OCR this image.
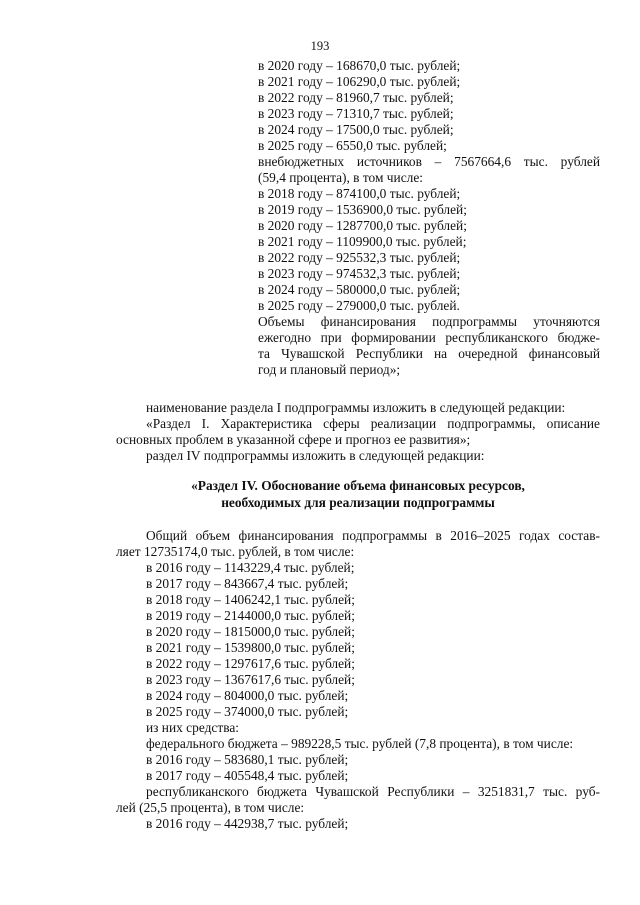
193
в 2020 году – 168670,0 тыс. рублей;
в 2021 году – 106290,0 тыс. рублей;
в 2022 году – 81960,7 тыс. рублей;
в 2023 году – 71310,7 тыс. рублей;
в 2024 году – 17500,0 тыс. рублей;
в 2025 году – 6550,0 тыс. рублей;
внебюджетных источников – 7567664,6 тыс. рублей
(59,4 процента), в том числе:
в 2018 году – 874100,0 тыс. рублей;
в 2019 году – 1536900,0 тыс. рублей;
в 2020 году – 1287700,0 тыс. рублей;
в 2021 году – 1109900,0 тыс. рублей;
в 2022 году – 925532,3 тыс. рублей;
в 2023 году – 974532,3 тыс. рублей;
в 2024 году – 580000,0 тыс. рублей;
в 2025 году – 279000,0 тыс. рублей.
Объемы финансирования подпрограммы уточняются
ежегодно при формировании республиканского бюдже-
та Чувашской Республики на очередной финансовый
год и плановый период»;
наименование раздела I подпрограммы изложить в следующей редакции:
«Раздел I. Характеристика сферы реализации подпрограммы, описание
основных проблем в указанной сфере и прогноз ее развития»;
раздел IV подпрограммы изложить в следующей редакции:
«Раздел IV. Обоснование объема финансовых ресурсов,
необходимых для реализации подпрограммы
Общий объем финансирования подпрограммы в 2016–2025 годах состав-
ляет 12735174,0 тыс. рублей, в том числе:
в 2016 году – 1143229,4 тыс. рублей;
в 2017 году – 843667,4 тыс. рублей;
в 2018 году – 1406242,1 тыс. рублей;
в 2019 году – 2144000,0 тыс. рублей;
в 2020 году – 1815000,0 тыс. рублей;
в 2021 году – 1539800,0 тыс. рублей;
в 2022 году – 1297617,6 тыс. рублей;
в 2023 году – 1367617,6 тыс. рублей;
в 2024 году – 804000,0 тыс. рублей;
в 2025 году – 374000,0 тыс. рублей;
из них средства:
федерального бюджета – 989228,5 тыс. рублей (7,8 процента), в том числе:
в 2016 году – 583680,1 тыс. рублей;
в 2017 году – 405548,4 тыс. рублей;
республиканского бюджета Чувашской Республики – 3251831,7 тыс. руб-
лей (25,5 процента), в том числе:
в 2016 году – 442938,7 тыс. рублей;
